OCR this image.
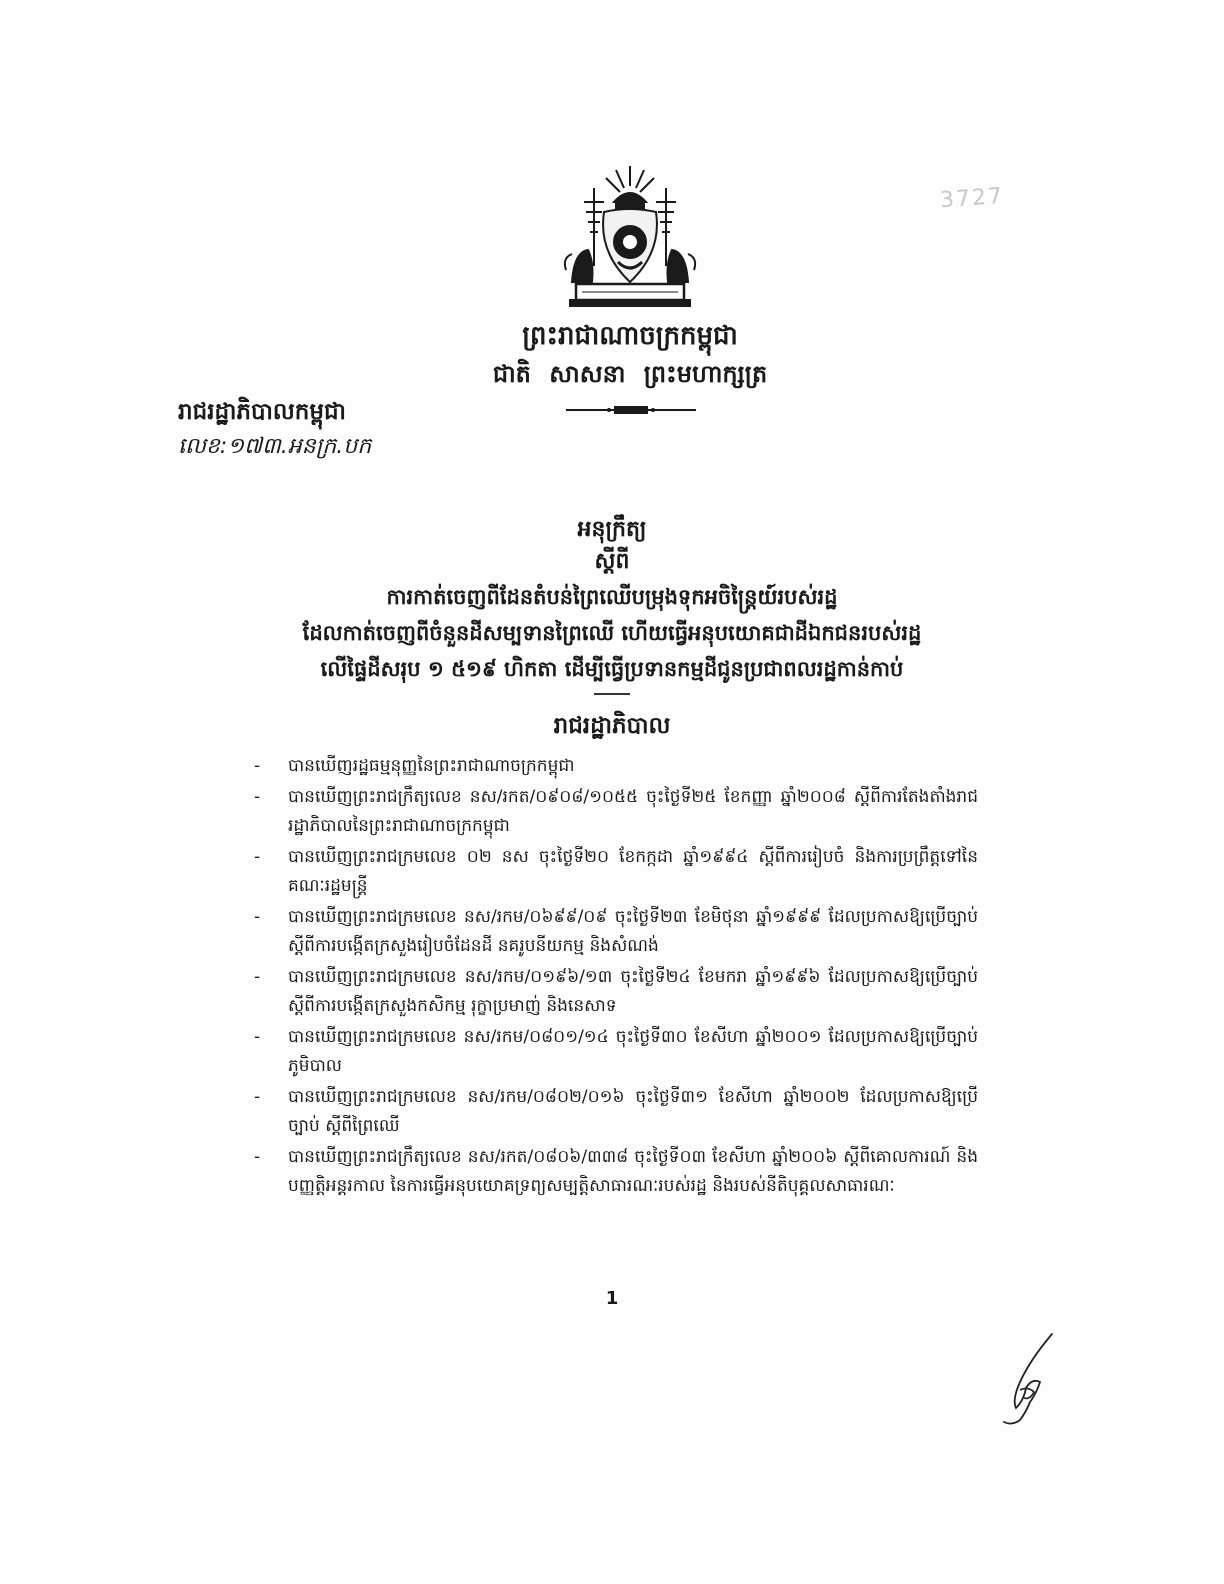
3727
ព្រះរាជាណាចក្រកម្ពុជា
ជាតិ សាសនា ព្រះមហាក្សត្រ
រាជរដ្ឋាភិបាលកម្ពុជា
លេខ:១៧៣.អនក្រ.បក
អនុក្រឹត្យ
ស្តីពី
ការកាត់ចេញពីដែនតំបន់ព្រៃឈើបម្រុងទុកអចិន្ត្រៃយ៍របស់រដ្ឋ
ដែលកាត់ចេញពីចំនួនដីសម្បទានព្រៃឈើ ហើយធ្វើអនុបយោគជាដីឯកជនរបស់រដ្ឋ
លើផ្ទៃដីសរុប ១ ៥១៩ ហិកតា ដើម្បីធ្វើប្រទានកម្មដីជូនប្រជាពលរដ្ឋកាន់កាប់
រាជរដ្ឋាភិបាល
-	បានឃើញរដ្ឋធម្មនុញ្ញនៃព្រះរាជាណាចក្រកម្ពុជា
-	បានឃើញព្រះរាជក្រឹត្យលេខ នស/រកត/០៩០៨/១០៥៥ ចុះថ្ងៃទី២៥ ខែកញ្ញា ឆ្នាំ២០០៨ ស្តីពីការតែងតាំងរាជរដ្ឋាភិបាលនៃព្រះរាជាណាចក្រកម្ពុជា
-	បានឃើញព្រះរាជក្រមលេខ ០២ នស ចុះថ្ងៃទី២០ ខែកក្កដា ឆ្នាំ១៩៩៤ ស្តីពីការរៀបចំ និងការប្រព្រឹត្តទៅនៃគណៈរដ្ឋមន្ត្រី
-	បានឃើញព្រះរាជក្រមលេខ នស/រកម/០៦៩៩/០៩ ចុះថ្ងៃទី២៣ ខែមិថុនា ឆ្នាំ១៩៩៩ ដែលប្រកាសឱ្យប្រើច្បាប់ ស្តីពីការបង្កើតក្រសួងរៀបចំដែនដី នគរូបនីយកម្ម និងសំណង់
-	បានឃើញព្រះរាជក្រមលេខ នស/រកម/០១៩៦/១៣ ចុះថ្ងៃទី២៤ ខែមករា ឆ្នាំ១៩៩៦ ដែលប្រកាសឱ្យប្រើច្បាប់ ស្តីពីការបង្កើតក្រសួងកសិកម្ម រុក្ខាប្រមាញ់ និងនេសាទ
-	បានឃើញព្រះរាជក្រមលេខ នស/រកម/០៨០១/១៤ ចុះថ្ងៃទី៣០ ខែសីហា ឆ្នាំ២០០១ ដែលប្រកាសឱ្យប្រើច្បាប់ភូមិបាល
-	បានឃើញព្រះរាជក្រមលេខ នស/រកម/០៨០២/០១៦ ចុះថ្ងៃទី៣១ ខែសីហា ឆ្នាំ២០០២ ដែលប្រកាសឱ្យប្រើច្បាប់ ស្តីពីព្រៃឈើ
-	បានឃើញព្រះរាជក្រឹត្យលេខ នស/រកត/០៨០៦/៣៣៨ ចុះថ្ងៃទី០៣ ខែសីហា ឆ្នាំ២០០៦ ស្តីពីគោលការណ៍ និងបញ្ញត្តិអន្តរកាល នៃការធ្វើអនុបយោគទ្រព្យសម្បត្តិសាធារណៈរបស់រដ្ឋ និងរបស់នីតិបុគ្គលសាធារណៈ
1
